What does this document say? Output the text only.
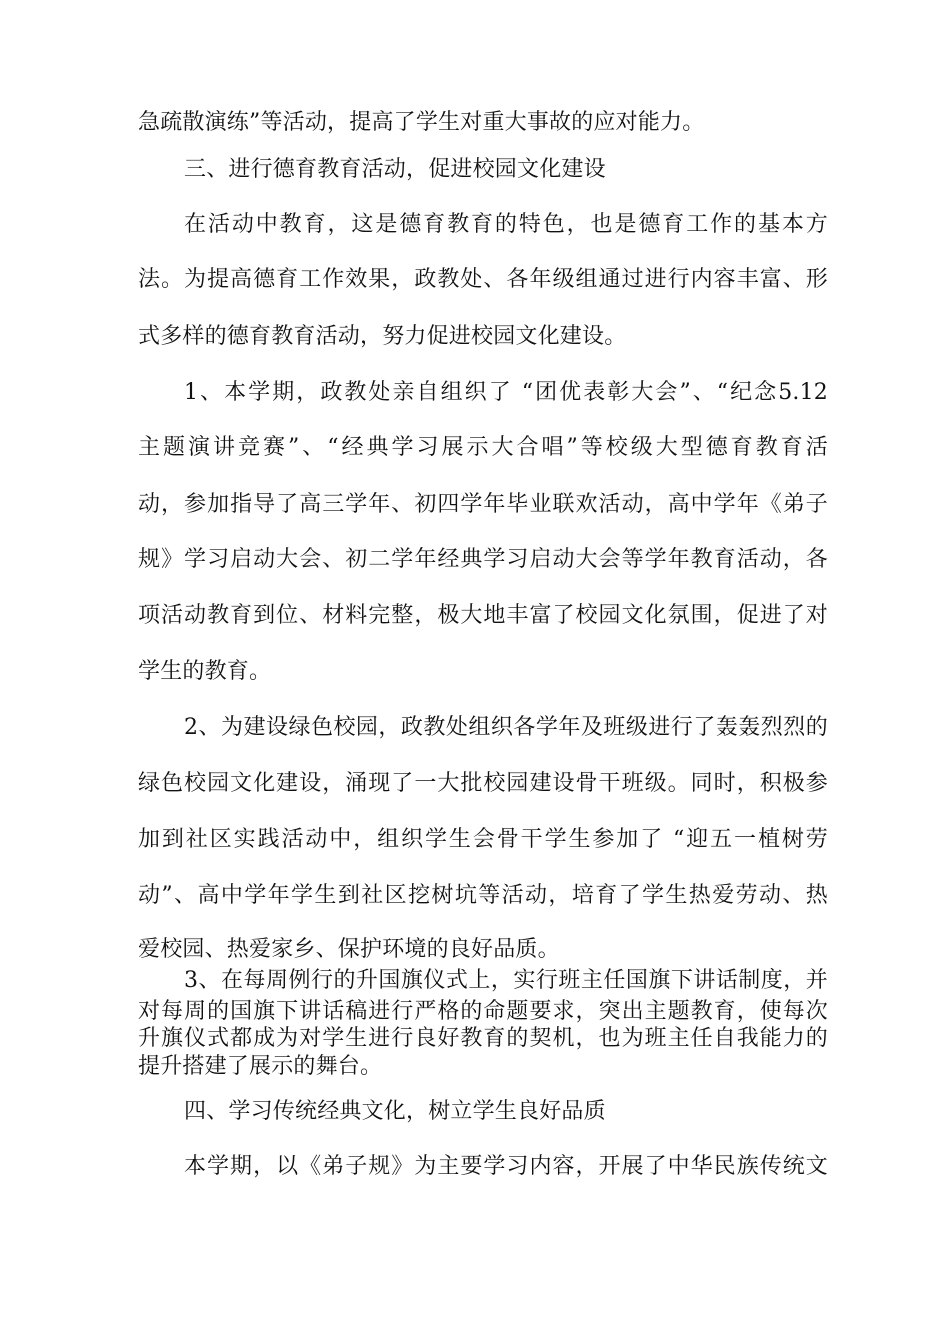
急疏散演练”等活动，提高了学生对重大事故的应对能力。
三、进行德育教育活动，促进校园文化建设
在活动中教育，这是德育教育的特色，也是德育工作的基本方
法。为提高德育工作效果，政教处、各年级组通过进行内容丰富、形
式多样的德育教育活动，努力促进校园文化建设。
1、本学期，政教处亲自组织了 “团优表彰大会”、“纪念5.12
主题演讲竞赛”、“经典学习展示大合唱”等校级大型德育教育活
动，参加指导了高三学年、初四学年毕业联欢活动，高中学年《弟子
规》学习启动大会、初二学年经典学习启动大会等学年教育活动，各
项活动教育到位、材料完整，极大地丰富了校园文化氛围，促进了对
学生的教育。
2、为建设绿色校园，政教处组织各学年及班级进行了轰轰烈烈的
绿色校园文化建设，涌现了一大批校园建设骨干班级。同时，积极参
加到社区实践活动中，组织学生会骨干学生参加了 “迎五一植树劳
动”、高中学年学生到社区挖树坑等活动，培育了学生热爱劳动、热
爱校园、热爱家乡、保护环境的良好品质。
3、在每周例行的升国旗仪式上，实行班主任国旗下讲话制度，并
对每周的国旗下讲话稿进行严格的命题要求，突出主题教育，使每次
升旗仪式都成为对学生进行良好教育的契机，也为班主任自我能力的
提升搭建了展示的舞台。
四、学习传统经典文化，树立学生良好品质
本学期，以《弟子规》为主要学习内容，开展了中华民族传统文
